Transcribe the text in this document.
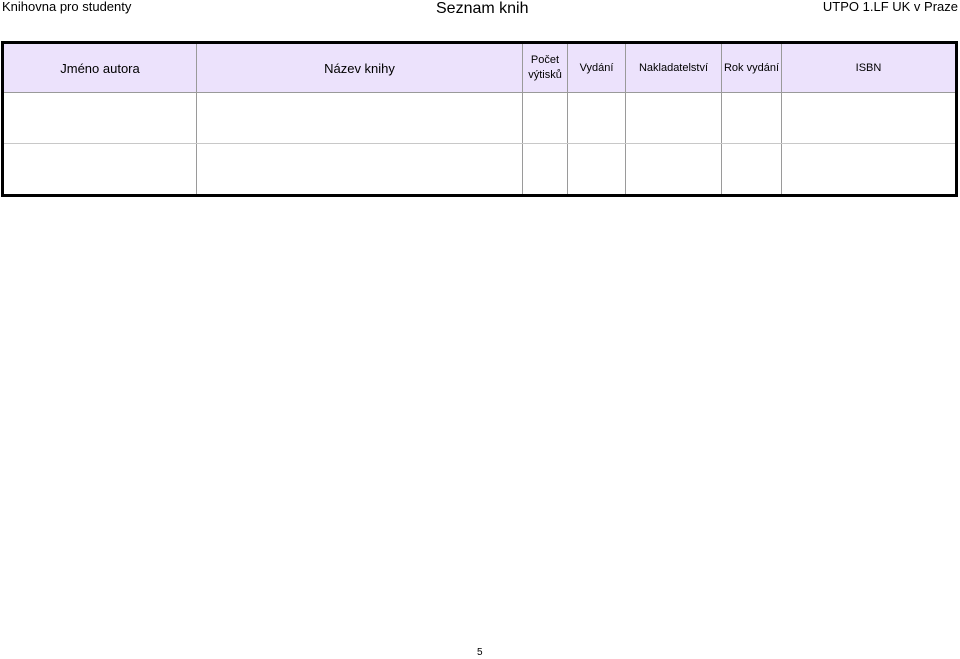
Knihovna pro studenty	Seznam knih	UTPO 1.LF UK v Praze
Jméno autora	Název knihy	Počet výtisků	Vydání	Nakladatelství	Rok vydání	ISBN

5
